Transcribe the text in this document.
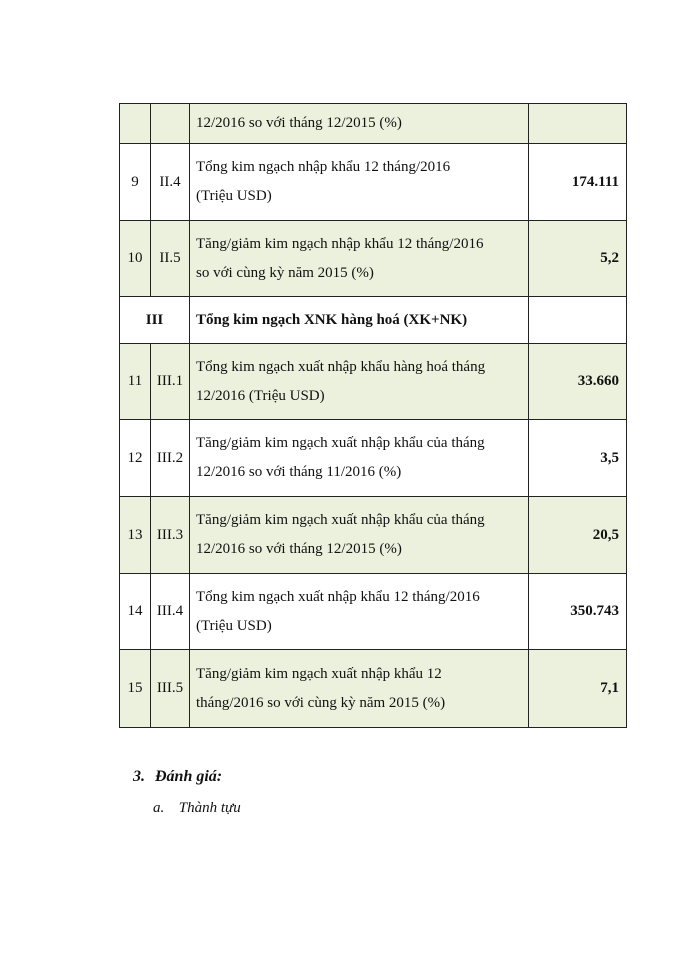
		12/2016 so với tháng 12/2015 (%)	

9	II.4	Tổng kim ngạch nhập khẩu 12 tháng/2016
(Triệu USD)	174.111
10	II.5	Tăng/giảm kim ngạch nhập khẩu 12 tháng/2016
so với cùng kỳ năm 2015 (%)	5,2
III		Tổng kim ngạch XNK hàng hoá (XK+NK)	
11	III.1	Tổng kim ngạch xuất nhập khẩu hàng hoá tháng
12/2016 (Triệu USD)	33.660
12	III.2	Tăng/giảm kim ngạch xuất nhập khẩu của tháng
12/2016 so với tháng 11/2016 (%)	3,5
13	III.3	Tăng/giảm kim ngạch xuất nhập khẩu của tháng
12/2016 so với tháng 12/2015 (%)	20,5
14	III.4	Tổng kim ngạch xuất nhập khẩu 12 tháng/2016
(Triệu USD)	350.743
15	III.5	Tăng/giảm kim ngạch xuất nhập khẩu 12
tháng/2016 so với cùng kỳ năm 2015 (%)	7,1
3. Đánh giá:
a. Thành tựu
